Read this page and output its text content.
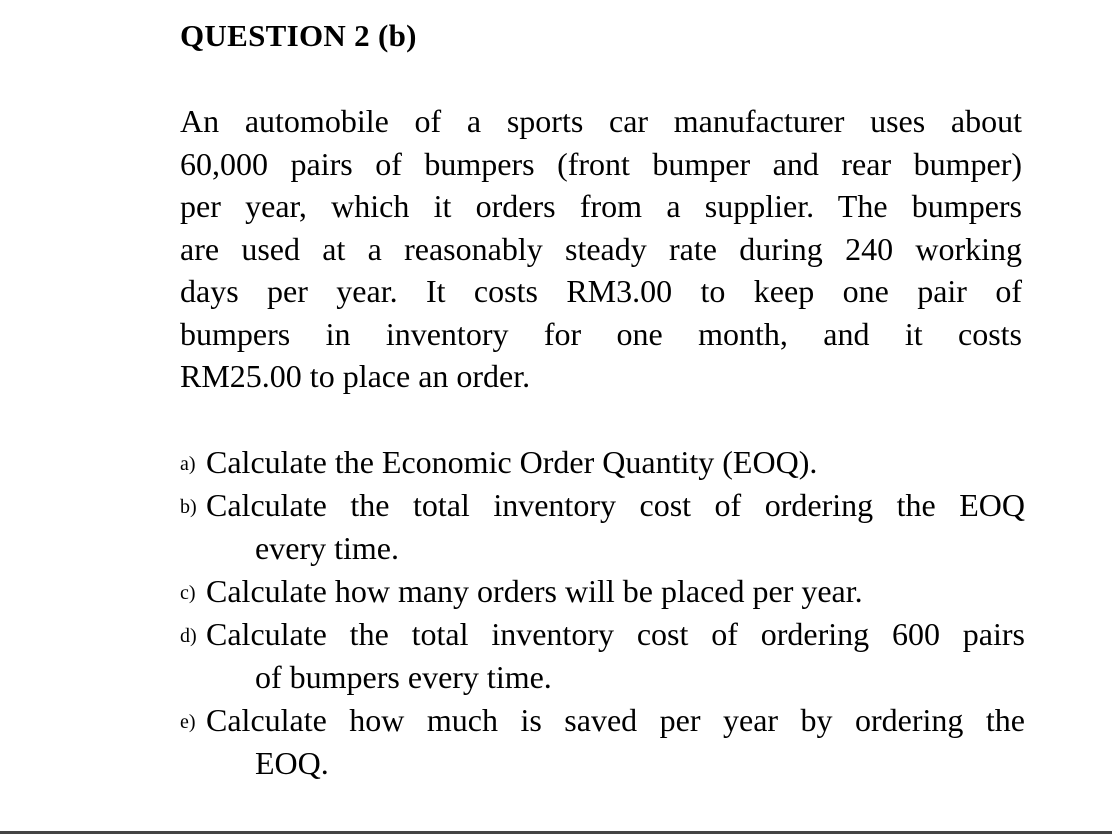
QUESTION 2 (b)
An automobile of a sports car manufacturer uses about
60,000 pairs of bumpers (front bumper and rear bumper)
per year, which it orders from a supplier. The bumpers
are used at a reasonably steady rate during 240 working
days per year. It costs RM3.00 to keep one pair of
bumpers in inventory for one month, and it costs
RM25.00 to place an order.
a) Calculate the Economic Order Quantity (EOQ).
b) Calculate the total inventory cost of ordering the EOQ
every time.
c) Calculate how many orders will be placed per year.
d) Calculate the total inventory cost of ordering 600 pairs
of bumpers every time.
e) Calculate how much is saved per year by ordering the
EOQ.
